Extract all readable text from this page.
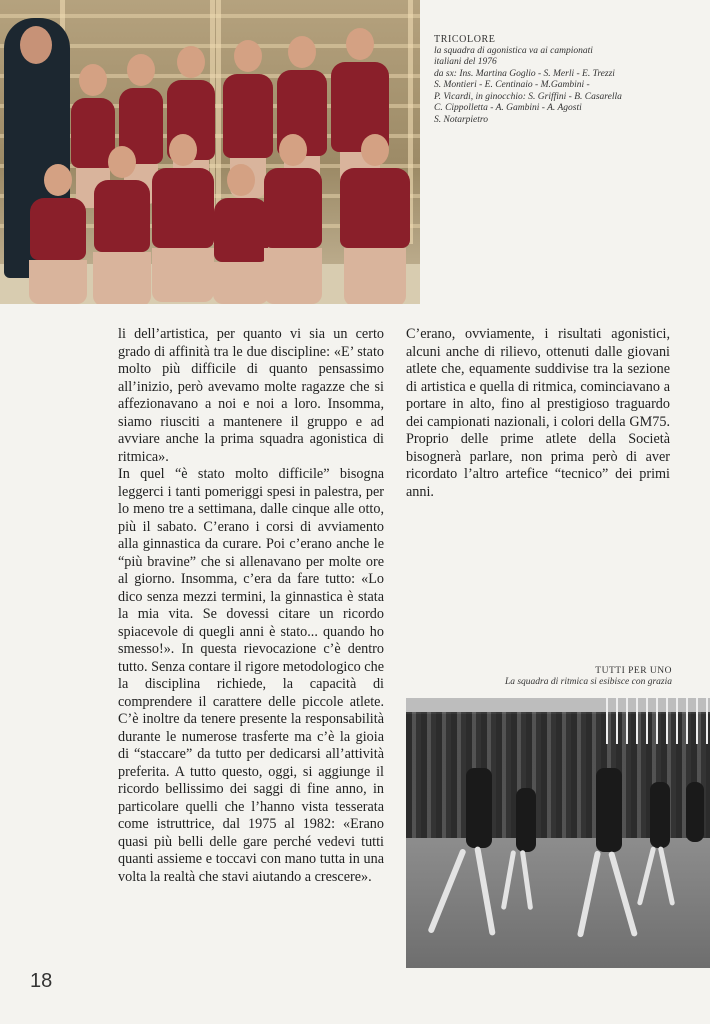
TRICOLORE
la squadra di agonistica va ai campionati
italiani del 1976
da sx: Ins. Martina Goglio - S. Merli - E. Trezzi
S. Montieri - E. Centinaio - M.Gambini -
P. Vicardi, in ginocchio: S. Griffini - B. Casarella
C. Cippolletta - A. Gambini - A. Agosti
S. Notarpietro

li dell’artistica, per quanto vi sia un certo grado di affinità tra le due discipline: «E’ stato molto più difficile di quanto pensassimo all’inizio, però avevamo molte ragazze che si affezionavano a noi e noi a loro. Insomma, siamo riusciti a mantenere il gruppo e ad avviare anche la prima squadra agonistica di ritmica».

In quel “è stato molto difficile” bisogna leggerci i tanti pomeriggi spesi in palestra, per lo meno tre a settimana, dalle cinque alle otto, più il sabato. C’erano i corsi di avviamento alla ginnastica da curare. Poi c’erano anche le “più bravine” che si allenavano per molte ore al giorno. Insomma, c’era da fare tutto: «Lo dico senza mezzi termini, la ginnastica è stata la mia vita. Se dovessi citare un ricordo spiacevole di quegli anni è stato... quando ho smesso!». In questa rievocazione c’è dentro tutto. Senza contare il rigore metodologico che la disciplina richiede, la capacità di comprendere il carattere delle piccole atlete. C’è inoltre da tenere presente la responsabilità durante le numerose trasferte ma c’è la gioia di “staccare” da tutto per dedicarsi all’attività preferita. A tutto questo, oggi, si aggiunge il ricordo bellissimo dei saggi di fine anno, in particolare quelli che l’hanno vista tesserata come istruttrice, dal 1975 al 1982: «Erano quasi più belli delle gare perché vedevi tutti quanti assieme e toccavi con mano tutta in una volta la realtà che stavi aiutando a crescere».

C’erano, ovviamente, i risultati agonistici, alcuni anche di rilievo, ottenuti dalle giovani atlete che, equamente suddivise tra la sezione di artistica e quella di ritmica, cominciavano a portare in alto, fino al prestigioso traguardo dei campionati nazionali, i colori della GM75. Proprio delle prime atlete della Società bisognerà parlare, non prima però di aver ricordato l’altro artefice “tecnico” dei primi anni.

TUTTI PER UNO
La squadra di ritmica si esibisce con grazia
18
